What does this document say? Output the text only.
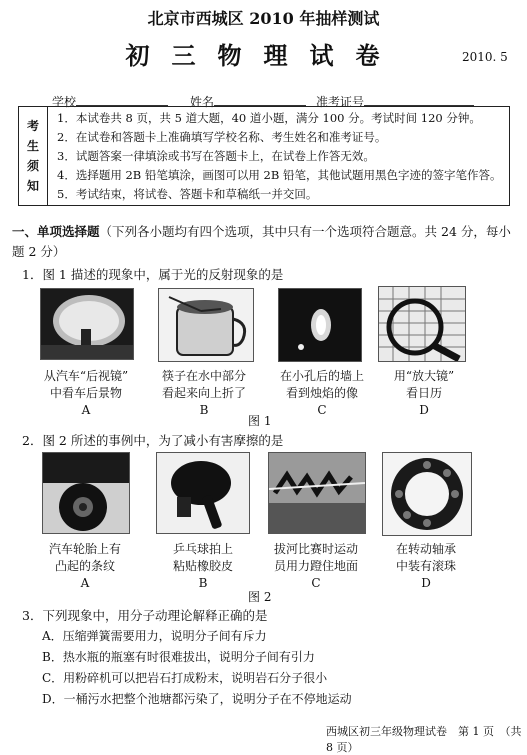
北京市西城区 2010 年抽样测试
初三物理试卷	2010. 5
学校	姓名	准考证号
考
生
须
知
1．本试卷共 8 页，共 5 道大题，40 道小题，满分 100 分。考试时间 120 分钟。
2．在试卷和答题卡上准确填写学校名称、考生姓名和准考证号。
3．试题答案一律填涂或书写在答题卡上，在试卷上作答无效。
4．选择题用 2B 铅笔填涂，画图可以用 2B 铅笔，其他试题用黑色字迹的签字笔作答。
5．考试结束，将试卷、答题卡和草稿纸一并交回。
一、单项选择题（下列各小题均有四个选项，其中只有一个选项符合题意。共 24 分，每小题 2 分）
1．图 1 描述的现象中，属于光的反射现象的是
从汽车“后视镜”
中看车后景物
A
筷子在水中部分
看起来向上折了
B
在小孔后的墙上
看到烛焰的像
C
用“放大镜”
看日历
D
图 1
2．图 2 所述的事例中，为了减小有害摩擦的是
汽车轮胎上有
凸起的条纹
A
乒乓球拍上
粘贴橡胶皮
B
拔河比赛时运动
员用力蹬住地面
C
在转动轴承
中装有滚珠
D
图 2
3．下列现象中，用分子动理论解释正确的是
A．压缩弹簧需要用力，说明分子间有斥力
B．热水瓶的瓶塞有时很难拔出，说明分子间有引力
C．用粉碎机可以把岩石打成粉末，说明岩石分子很小
D．一桶污水把整个池塘都污染了，说明分子在不停地运动
西城区初三年级物理试卷　第 1 页　（共 8 页）
